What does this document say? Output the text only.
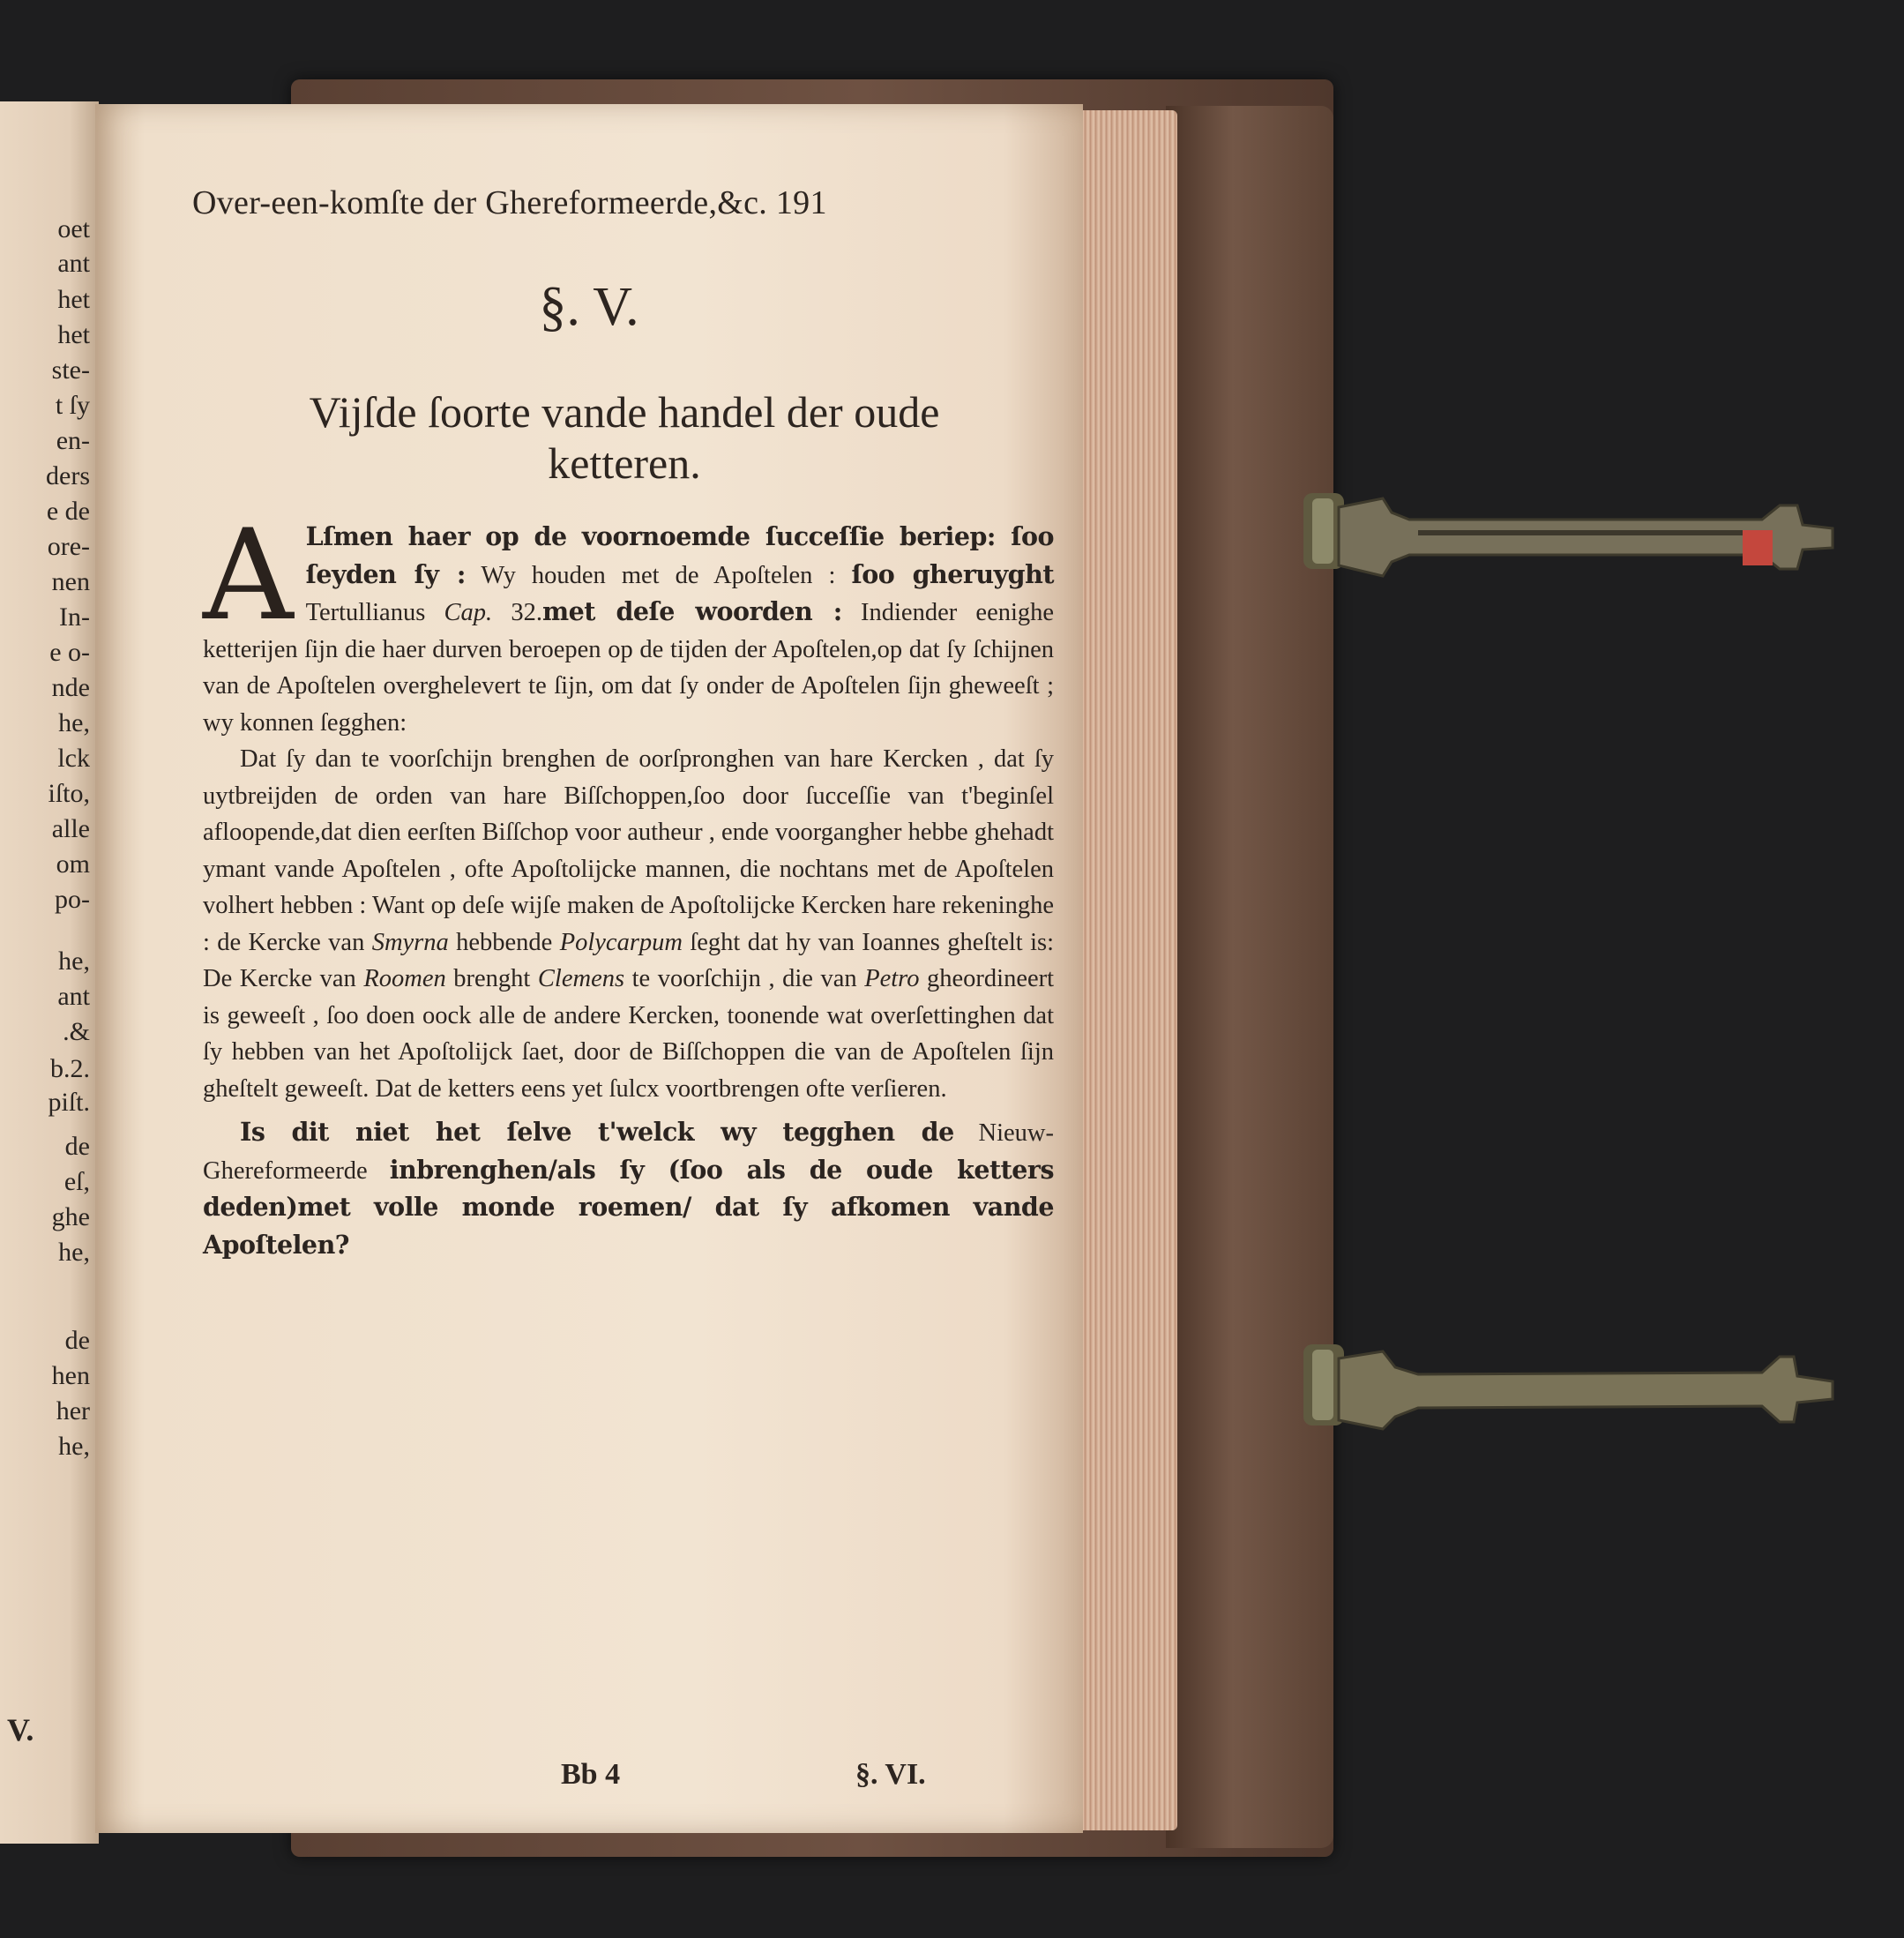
oet
ant
het
het
ste-
t ſy
en-
ders
e de
ore-
nen
In-
e o-
nde
he,
lck
iſto,
alle
om
po-
he,
ant
.&
b.2.
piſt.
de
eſ,
ghe
he,
de
hen
her
he,
V.
Over-een-komſte der Ghereformeerde,&c. 191
§. V.
Vijſde ſoorte vande handel der oude
ketteren.

A Lſmen haer op de voornoemde ſucceſſie beriep: ſoo ſeyden ſy : Wy houden met de Apoſtelen : ſoo gheruyght Tertullianus Cap. 32.met deſe woorden : Indiender eenighe ketterijen ſijn die haer durven beroepen op de tijden der Apoſtelen,op dat ſy ſchijnen van de Apoſtelen overghelevert te ſijn, om dat ſy onder de Apoſtelen ſijn gheweeſt ; wy konnen ſegghen:

Dat ſy dan te voorſchijn brenghen de oorſpronghen van hare Kercken , dat ſy uytbreijden de orden van hare Biſſchoppen,ſoo door ſucceſſie van t'beginſel afloopende,dat dien eerſten Biſſchop voor autheur , ende voorgangher hebbe ghehadt ymant vande Apoſtelen , ofte Apoſtolijcke mannen, die nochtans met de Apoſtelen volhert hebben : Want op deſe wijſe maken de Apoſtolijcke Kercken hare rekeninghe : de Kercke van Smyrna hebbende Polycarpum ſeght dat hy van Ioannes gheſtelt is: De Kercke van Roomen brenght Clemens te voorſchijn , die van Petro gheordineert is geweeſt , ſoo doen oock alle de andere Kercken, toonende wat overſettinghen dat ſy hebben van het Apoſtolijck ſaet, door de Biſſchoppen die van de Apoſtelen ſijn gheſtelt geweeſt. Dat de ketters eens yet ſulcx voortbrengen ofte verſieren.

Is dit niet het ſelve t'welck wy tegghen de Nieuw-Ghereformeerde inbrenghen/als ſy (ſoo als de oude ketters deden)met volle monde roemen/ dat ſy afkomen vande Apoſtelen?

Bb 4	§. VI.
